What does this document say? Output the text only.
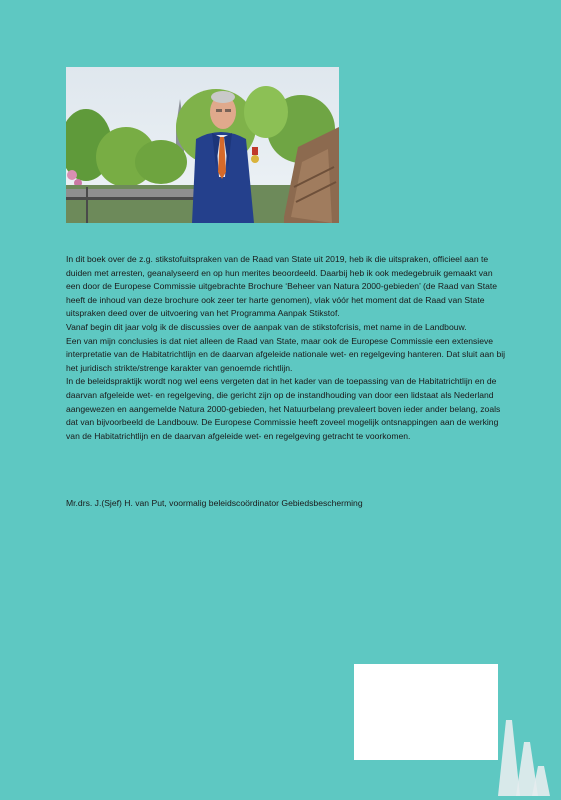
In dit boek over de z.g. stikstofuitspraken van de Raad van State uit 2019, heb ik die uitspraken, officieel aan te duiden met arresten, geanalyseerd en op hun merites beoordeeld. Daarbij heb ik ook medegebruik gemaakt van een door de Europese Commissie uitgebrachte Brochure ‘Beheer van Natura 2000-gebieden’ (de Raad van State heeft de inhoud van deze brochure ook zeer ter harte genomen), vlak vóór het moment dat de Raad van State uitspraken deed over de uitvoering van het Programma Aanpak Stikstof.

Vanaf begin dit jaar volg ik de discussies over de aanpak van de stikstofcrisis, met name in de Landbouw.

Een van mijn conclusies is dat niet alleen de Raad van State, maar ook de Europese Commissie een extensieve interpretatie van de Habitatrichtlijn en de daarvan afgeleide nationale wet- en regelgeving hanteren. Dat sluit aan bij het juridisch strikte/strenge karakter van genoemde richtlijn.

In de beleidspraktijk wordt nog wel eens vergeten dat in het kader van de toepassing van de Habitatrichtlijn en de daarvan afgeleide wet- en regelgeving, die gericht zijn op de instandhouding van door een lidstaat als Nederland aangewezen en aangemelde Natura 2000-gebieden, het Natuurbelang prevaleert boven ieder ander belang, zoals dat van bijvoorbeeld de Landbouw. De Europese Commissie heeft zoveel mogelijk ontsnappingen aan de werking van de Habitatrichtlijn en de daarvan afgeleide wet- en regelgeving getracht te voorkomen.

Mr.drs. J.(Sjef) H. van Put, voormalig beleidscoördinator Gebiedsbescherming
